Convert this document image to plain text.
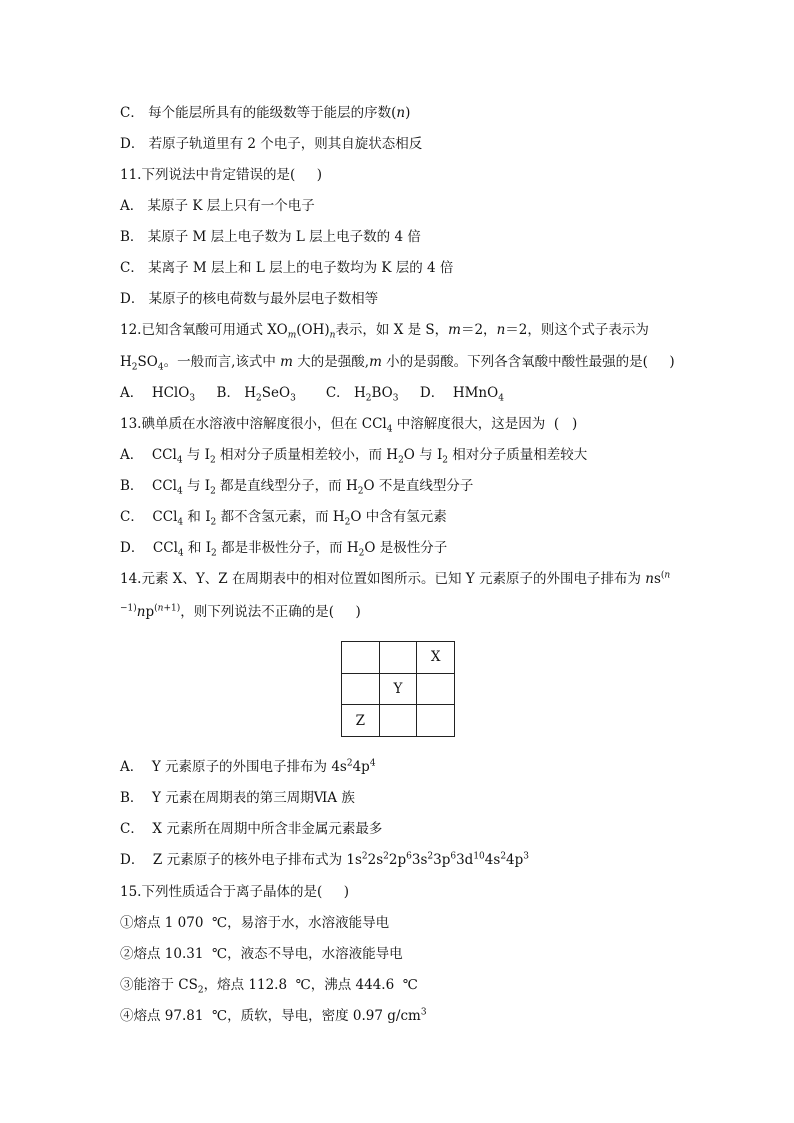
C． 每个能层所具有的能级数等于能层的序数(n)
D． 若原子轨道里有 2 个电子，则其自旋状态相反
11.下列说法中肯定错误的是(     )
A． 某原子 K 层上只有一个电子
B． 某原子 M 层上电子数为 L 层上电子数的 4 倍
C． 某离子 M 层上和 L 层上的电子数均为 K 层的 4 倍
D． 某原子的核电荷数与最外层电子数相等
12.已知含氧酸可用通式 $XO_m(OH)_n$表示，如 X 是 S，m＝2，n＝2，则这个式子表示为
$H_2SO_4$。一般而言,该式中 m 大的是强酸,m 小的是弱酸。下列各含氧酸中酸性最强的是(     )
A．  HClO$_3$     B． $H_2SeO_3$       C． $H_2BO_3$     D．  HMnO$_4$
13.碘单质在水溶液中溶解度很小，但在 CCl$_4$ 中溶解度很大，这是因为  (   )
A．  CCl$_4$ 与 $I_2$ 相对分子质量相差较小，而 $H_2O$ 与 $I_2$ 相对分子质量相差较大
B．  CCl$_4$ 与 $I_2$ 都是直线型分子，而 $H_2O$ 不是直线型分子
C．  CCl$_4$ 和 $I_2$ 都不含氢元素，而 $H_2O$ 中含有氢元素
D．  CCl$_4$ 和 $I_2$ 都是非极性分子，而 $H_2O$ 是极性分子
14.元素 X、Y、Z 在周期表中的相对位置如图所示。已知 Y 元素原子的外围电子排布为 $ns^{(n}$
$^{-1)}np^{(n+1)}$，则下列说法不正确的是(     )
		X
	Y	
Z		
A．  Y 元素原子的外围电子排布为 $4s^24p^4$
B．  Y 元素在周期表的第三周期ⅥA 族
C．  X 元素所在周期中所含非金属元素最多
D．  Z 元素原子的核外电子排布式为 $1s^22s^22p^63s^23p^63d^{10}4s^24p^3$
15.下列性质适合于离子晶体的是(     )
①熔点 1 070  ℃，易溶于水，水溶液能导电
②熔点 10.31  ℃，液态不导电，水溶液能导电
③能溶于 $CS_2$，熔点 112.8  ℃，沸点 444.6  ℃
④熔点 97.81  ℃，质软，导电，密度 0.97 $g/cm^3$
